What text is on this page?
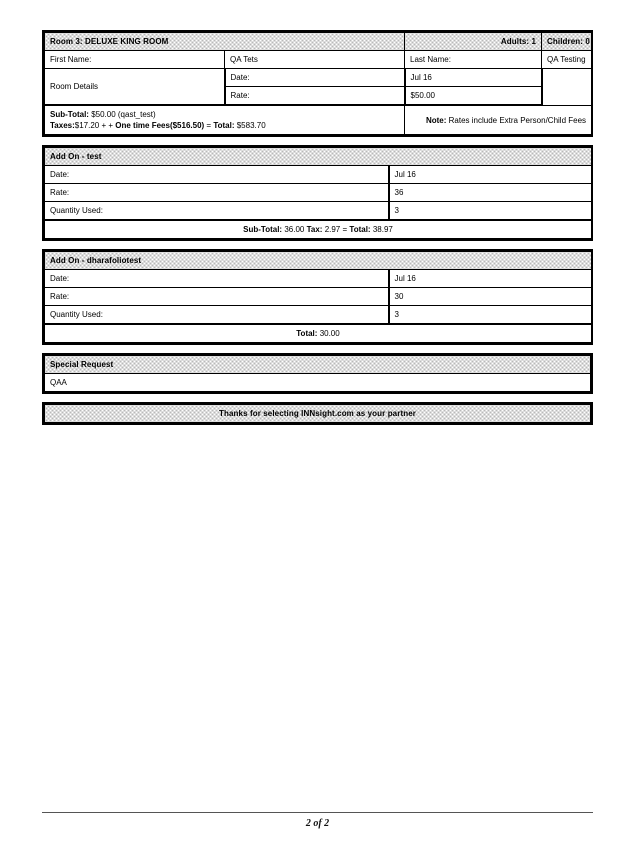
Room 3: DELUXE KING ROOM		Adults: 1	Children: 0
First Name:	QA Tets	Last Name:	QA Testing
Room Details	Date:	Jul 16	
	Rate:	$50.00	

Sub-Total: $50.00 (qast_test)
Taxes:$17.20 + + One time Fees($516.50) = Total: $583.70		Note: Rates include Extra Person/Child Fees	
Add On - test	
Date:	Jul 16
Rate:	36
Quantity Used:	3
Sub-Total: 36.00 Tax: 2.97 = Total: 38.97	
Add On - dharafoliotest	
Date:	Jul 16
Rate:	30
Quantity Used:	3
Total: 30.00	
Special Request
QAA
Thanks for selecting INNsight.com as your partner
2 of 2
